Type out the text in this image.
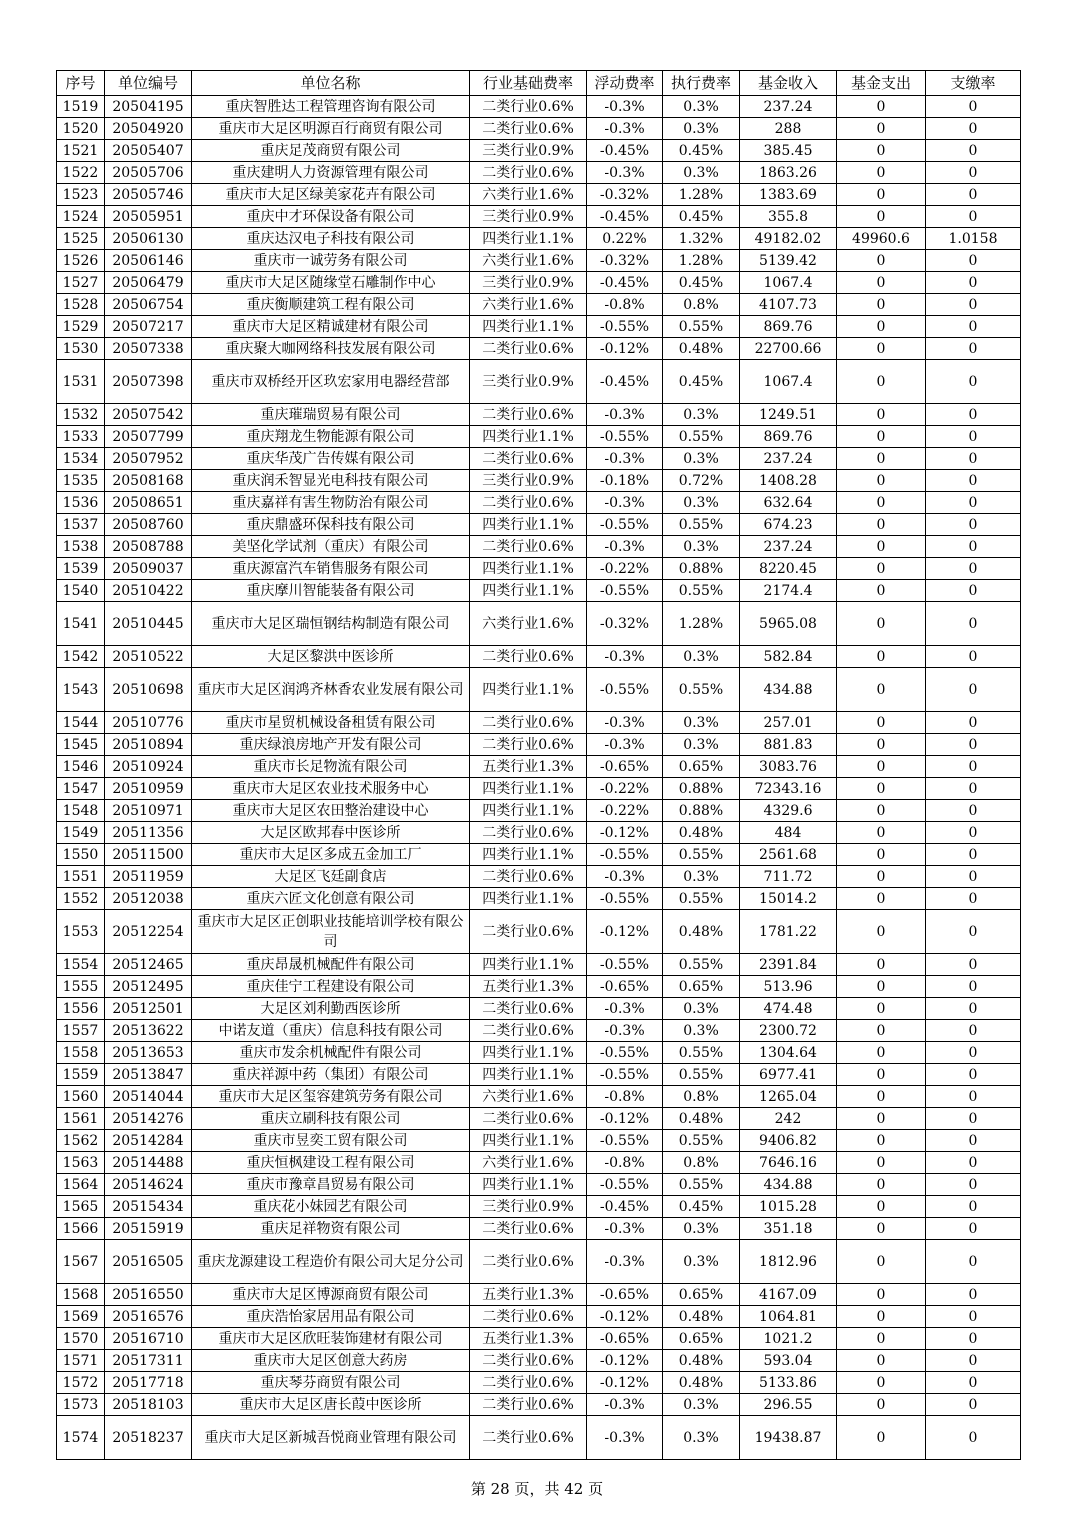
序号	单位编号	单位名称	行业基础费率	浮动费率	执行费率	基金收入	基金支出	支缴率
1519	20504195	重庆智胜达工程管理咨询有限公司	二类行业0.6%	-0.3%	0.3%	237.24	0	0
1520	20504920	重庆市大足区明源百行商贸有限公司	二类行业0.6%	-0.3%	0.3%	288	0	0
1521	20505407	重庆足茂商贸有限公司	三类行业0.9%	-0.45%	0.45%	385.45	0	0
1522	20505706	重庆建明人力资源管理有限公司	二类行业0.6%	-0.3%	0.3%	1863.26	0	0
1523	20505746	重庆市大足区绿美家花卉有限公司	六类行业1.6%	-0.32%	1.28%	1383.69	0	0
1524	20505951	重庆中才环保设备有限公司	三类行业0.9%	-0.45%	0.45%	355.8	0	0
1525	20506130	重庆达汉电子科技有限公司	四类行业1.1%	0.22%	1.32%	49182.02	49960.6	1.0158
1526	20506146	重庆市一诚劳务有限公司	六类行业1.6%	-0.32%	1.28%	5139.42	0	0
1527	20506479	重庆市大足区随缘堂石雕制作中心	三类行业0.9%	-0.45%	0.45%	1067.4	0	0
1528	20506754	重庆衡顺建筑工程有限公司	六类行业1.6%	-0.8%	0.8%	4107.73	0	0
1529	20507217	重庆市大足区精诚建材有限公司	四类行业1.1%	-0.55%	0.55%	869.76	0	0
1530	20507338	重庆聚大咖网络科技发展有限公司	二类行业0.6%	-0.12%	0.48%	22700.66	0	0
1531	20507398	重庆市双桥经开区玖宏家用电器经营部	三类行业0.9%	-0.45%	0.45%	1067.4	0	0
1532	20507542	重庆璀瑞贸易有限公司	二类行业0.6%	-0.3%	0.3%	1249.51	0	0
1533	20507799	重庆翔龙生物能源有限公司	四类行业1.1%	-0.55%	0.55%	869.76	0	0
1534	20507952	重庆华茂广告传媒有限公司	二类行业0.6%	-0.3%	0.3%	237.24	0	0
1535	20508168	重庆润禾智显光电科技有限公司	三类行业0.9%	-0.18%	0.72%	1408.28	0	0
1536	20508651	重庆嘉祥有害生物防治有限公司	二类行业0.6%	-0.3%	0.3%	632.64	0	0
1537	20508760	重庆鼎盛环保科技有限公司	四类行业1.1%	-0.55%	0.55%	674.23	0	0
1538	20508788	美坚化学试剂（重庆）有限公司	二类行业0.6%	-0.3%	0.3%	237.24	0	0
1539	20509037	重庆源富汽车销售服务有限公司	四类行业1.1%	-0.22%	0.88%	8220.45	0	0
1540	20510422	重庆摩川智能装备有限公司	四类行业1.1%	-0.55%	0.55%	2174.4	0	0
1541	20510445	重庆市大足区瑞恒钢结构制造有限公司	六类行业1.6%	-0.32%	1.28%	5965.08	0	0
1542	20510522	大足区黎洪中医诊所	二类行业0.6%	-0.3%	0.3%	582.84	0	0
1543	20510698	重庆市大足区润鸿齐林香农业发展有限公司	四类行业1.1%	-0.55%	0.55%	434.88	0	0
1544	20510776	重庆市星贸机械设备租赁有限公司	二类行业0.6%	-0.3%	0.3%	257.01	0	0
1545	20510894	重庆绿浪房地产开发有限公司	二类行业0.6%	-0.3%	0.3%	881.83	0	0
1546	20510924	重庆市长足物流有限公司	五类行业1.3%	-0.65%	0.65%	3083.76	0	0
1547	20510959	重庆市大足区农业技术服务中心	四类行业1.1%	-0.22%	0.88%	72343.16	0	0
1548	20510971	重庆市大足区农田整治建设中心	四类行业1.1%	-0.22%	0.88%	4329.6	0	0
1549	20511356	大足区欧邦春中医诊所	二类行业0.6%	-0.12%	0.48%	484	0	0
1550	20511500	重庆市大足区多成五金加工厂	四类行业1.1%	-0.55%	0.55%	2561.68	0	0
1551	20511959	大足区飞廷副食店	二类行业0.6%	-0.3%	0.3%	711.72	0	0
1552	20512038	重庆六匠文化创意有限公司	四类行业1.1%	-0.55%	0.55%	15014.2	0	0
1553	20512254	重庆市大足区正创职业技能培训学校有限公司	二类行业0.6%	-0.12%	0.48%	1781.22	0	0
1554	20512465	重庆昂晟机械配件有限公司	四类行业1.1%	-0.55%	0.55%	2391.84	0	0
1555	20512495	重庆佳宁工程建设有限公司	五类行业1.3%	-0.65%	0.65%	513.96	0	0
1556	20512501	大足区刘利勤西医诊所	二类行业0.6%	-0.3%	0.3%	474.48	0	0
1557	20513622	中诺友道（重庆）信息科技有限公司	二类行业0.6%	-0.3%	0.3%	2300.72	0	0
1558	20513653	重庆市发余机械配件有限公司	四类行业1.1%	-0.55%	0.55%	1304.64	0	0
1559	20513847	重庆祥源中药（集团）有限公司	四类行业1.1%	-0.55%	0.55%	6977.41	0	0
1560	20514044	重庆市大足区玺容建筑劳务有限公司	六类行业1.6%	-0.8%	0.8%	1265.04	0	0
1561	20514276	重庆立刷科技有限公司	二类行业0.6%	-0.12%	0.48%	242	0	0
1562	20514284	重庆市昱奕工贸有限公司	四类行业1.1%	-0.55%	0.55%	9406.82	0	0
1563	20514488	重庆恒枫建设工程有限公司	六类行业1.6%	-0.8%	0.8%	7646.16	0	0
1564	20514624	重庆市豫章昌贸易有限公司	四类行业1.1%	-0.55%	0.55%	434.88	0	0
1565	20515434	重庆花小妹园艺有限公司	三类行业0.9%	-0.45%	0.45%	1015.28	0	0
1566	20515919	重庆足祥物资有限公司	二类行业0.6%	-0.3%	0.3%	351.18	0	0
1567	20516505	重庆龙源建设工程造价有限公司大足分公司	二类行业0.6%	-0.3%	0.3%	1812.96	0	0
1568	20516550	重庆市大足区博源商贸有限公司	五类行业1.3%	-0.65%	0.65%	4167.09	0	0
1569	20516576	重庆浩怡家居用品有限公司	二类行业0.6%	-0.12%	0.48%	1064.81	0	0
1570	20516710	重庆市大足区欣旺装饰建材有限公司	五类行业1.3%	-0.65%	0.65%	1021.2	0	0
1571	20517311	重庆市大足区创意大药房	二类行业0.6%	-0.12%	0.48%	593.04	0	0
1572	20517718	重庆琴芬商贸有限公司	二类行业0.6%	-0.12%	0.48%	5133.86	0	0
1573	20518103	重庆市大足区唐长葭中医诊所	二类行业0.6%	-0.3%	0.3%	296.55	0	0
1574	20518237	重庆市大足区新城吾悦商业管理有限公司	二类行业0.6%	-0.3%	0.3%	19438.87	0	0
第 28 页，共 42 页
